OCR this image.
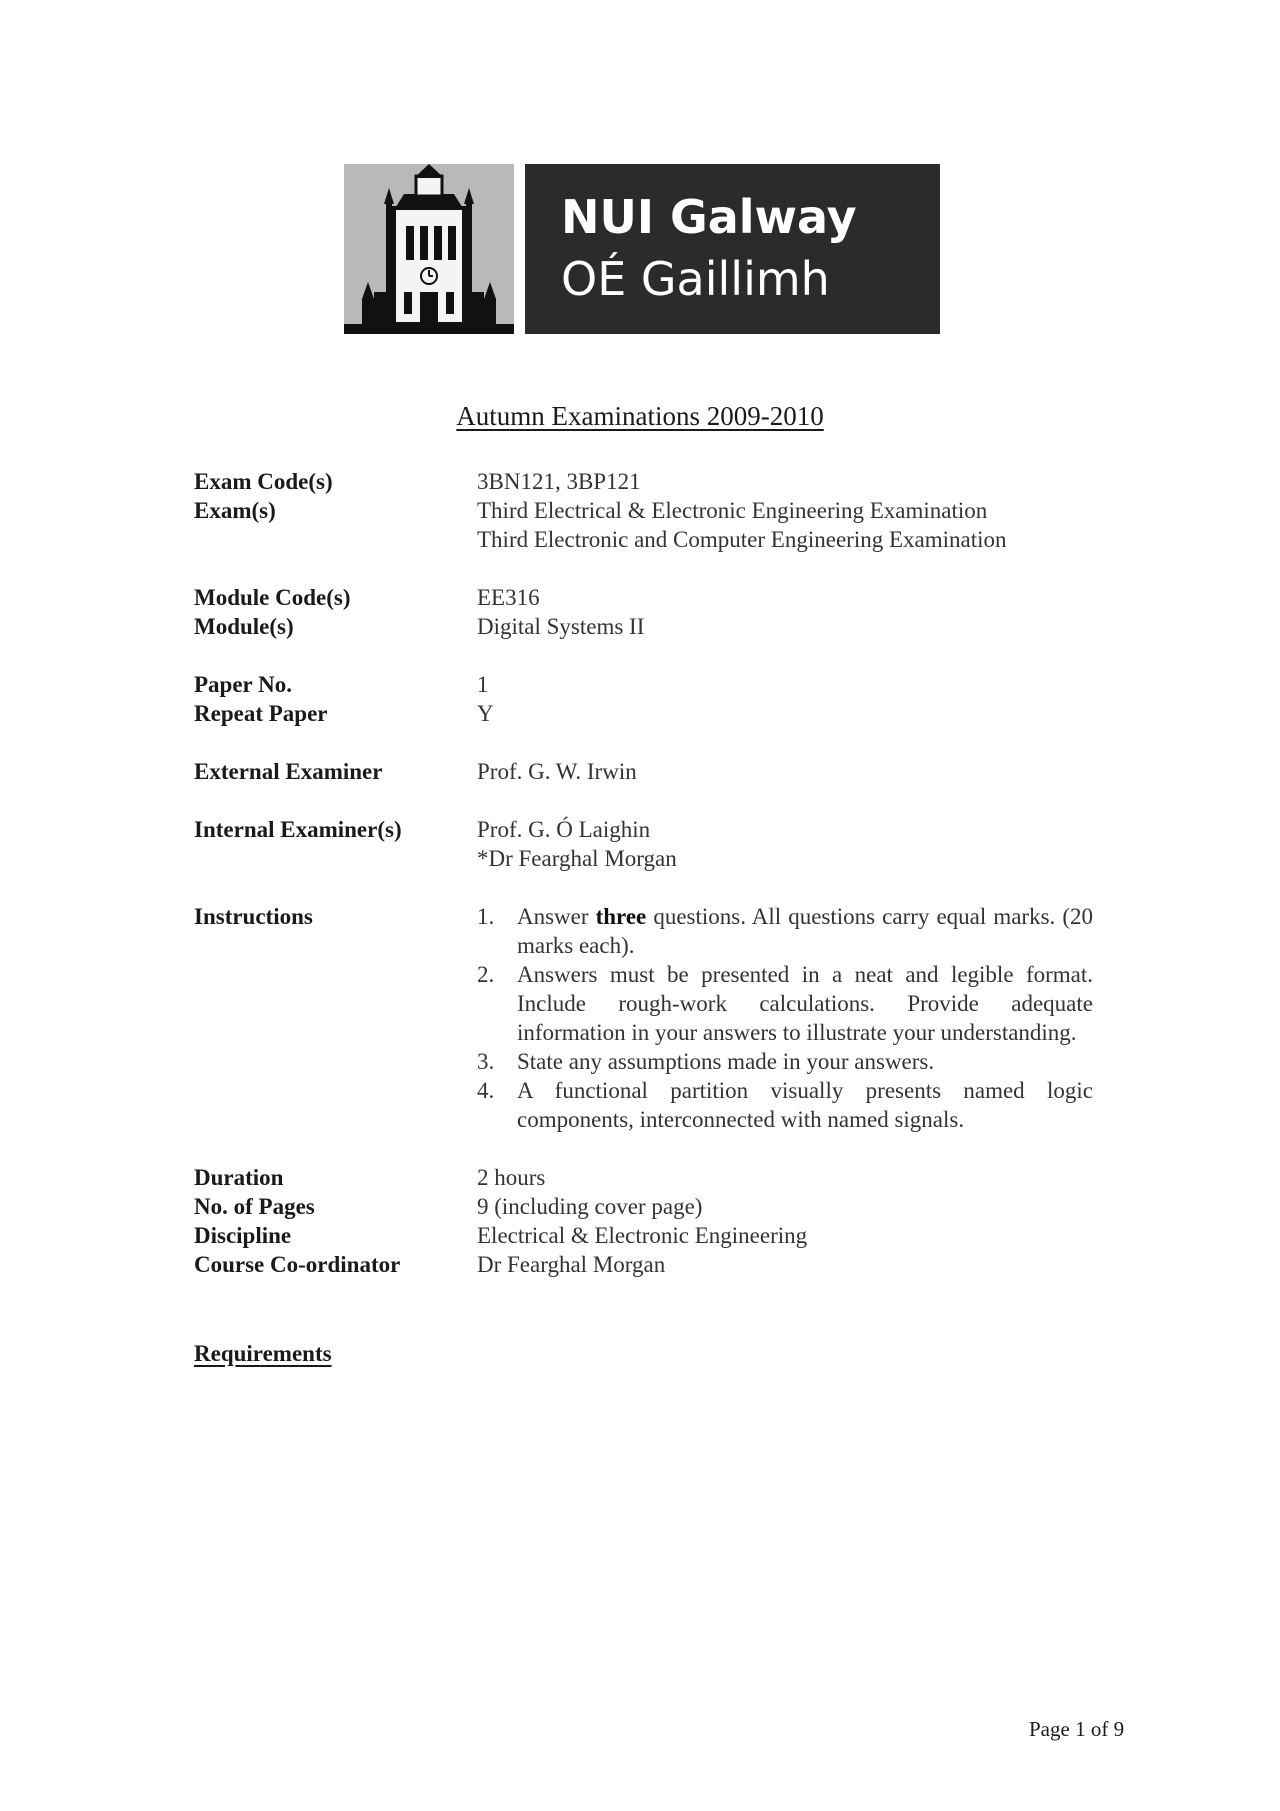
NUI Galway
OÉ Gaillimh
Autumn Examinations 2009-2010
Exam Code(s)	3BN121, 3BP121
Exam(s)	Third Electrical & Electronic Engineering Examination
Third Electronic and Computer Engineering Examination
Module Code(s)	EE316
Module(s)	Digital Systems II
Paper No.	1
Repeat Paper	Y
External Examiner	Prof. G. W. Irwin
Internal Examiner(s)	Prof. G. Ó Laighin
*Dr Fearghal Morgan
Instructions	1. Answer three questions. All questions carry equal marks. (20 marks each).
2. Answers must be presented in a neat and legible format. Include rough-work calculations. Provide adequate information in your answers to illustrate your understanding.
3. State any assumptions made in your answers.
4. A functional partition visually presents named logic components, interconnected with named signals.
Duration	2 hours
No. of Pages	9 (including cover page)
Discipline	Electrical & Electronic Engineering
Course Co-ordinator	Dr Fearghal Morgan
Requirements
Page 1 of 9
